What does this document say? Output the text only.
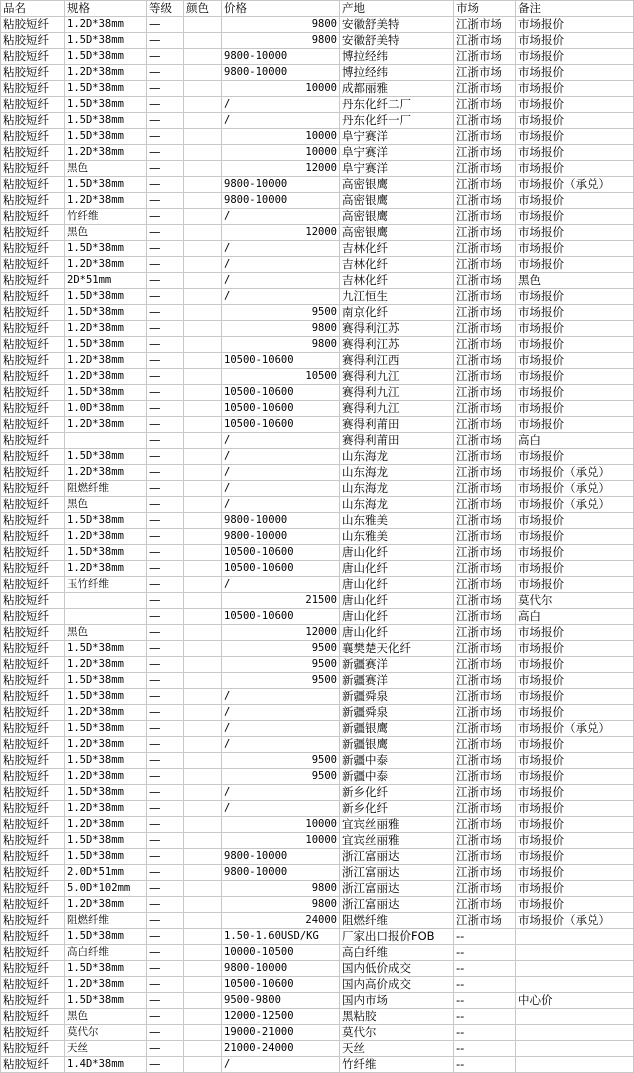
品名	规格	等级	颜色	价格	产地	市场	备注
粘胶短纤	1.2D*38mm	—		9800	安徽舒美特	江浙市场	市场报价
粘胶短纤	1.5D*38mm	—		9800	安徽舒美特	江浙市场	市场报价
粘胶短纤	1.5D*38mm	—		9800-10000	博拉经纬	江浙市场	市场报价
粘胶短纤	1.2D*38mm	—		9800-10000	博拉经纬	江浙市场	市场报价
粘胶短纤	1.5D*38mm	—		10000	成都丽雅	江浙市场	市场报价
粘胶短纤	1.5D*38mm	—		/	丹东化纤二厂	江浙市场	市场报价
粘胶短纤	1.5D*38mm	—		/	丹东化纤一厂	江浙市场	市场报价
粘胶短纤	1.5D*38mm	—		10000	阜宁赛洋	江浙市场	市场报价
粘胶短纤	1.2D*38mm	—		10000	阜宁赛洋	江浙市场	市场报价
粘胶短纤	黑色	—		12000	阜宁赛洋	江浙市场	市场报价
粘胶短纤	1.5D*38mm	—		9800-10000	高密银鹰	江浙市场	市场报价（承兑）
粘胶短纤	1.2D*38mm	—		9800-10000	高密银鹰	江浙市场	市场报价
粘胶短纤	竹纤维	—		/	高密银鹰	江浙市场	市场报价
粘胶短纤	黑色	—		12000	高密银鹰	江浙市场	市场报价
粘胶短纤	1.5D*38mm	—		/	吉林化纤	江浙市场	市场报价
粘胶短纤	1.2D*38mm	—		/	吉林化纤	江浙市场	市场报价
粘胶短纤	2D*51mm	—		/	吉林化纤	江浙市场	黑色
粘胶短纤	1.5D*38mm	—		/	九江恒生	江浙市场	市场报价
粘胶短纤	1.5D*38mm	—		9500	南京化纤	江浙市场	市场报价
粘胶短纤	1.2D*38mm	—		9800	赛得利江苏	江浙市场	市场报价
粘胶短纤	1.5D*38mm	—		9800	赛得利江苏	江浙市场	市场报价
粘胶短纤	1.2D*38mm	—		10500-10600	赛得利江西	江浙市场	市场报价
粘胶短纤	1.2D*38mm	—		10500	赛得利九江	江浙市场	市场报价
粘胶短纤	1.5D*38mm	—		10500-10600	赛得利九江	江浙市场	市场报价
粘胶短纤	1.0D*38mm	—		10500-10600	赛得利九江	江浙市场	市场报价
粘胶短纤	1.2D*38mm	—		10500-10600	赛得利莆田	江浙市场	市场报价
粘胶短纤		—		/	赛得利莆田	江浙市场	高白
粘胶短纤	1.5D*38mm	—		/	山东海龙	江浙市场	市场报价
粘胶短纤	1.2D*38mm	—		/	山东海龙	江浙市场	市场报价（承兑）
粘胶短纤	阻燃纤维	—		/	山东海龙	江浙市场	市场报价（承兑）
粘胶短纤	黑色	—		/	山东海龙	江浙市场	市场报价（承兑）
粘胶短纤	1.5D*38mm	—		9800-10000	山东雅美	江浙市场	市场报价
粘胶短纤	1.2D*38mm	—		9800-10000	山东雅美	江浙市场	市场报价
粘胶短纤	1.5D*38mm	—		10500-10600	唐山化纤	江浙市场	市场报价
粘胶短纤	1.2D*38mm	—		10500-10600	唐山化纤	江浙市场	市场报价
粘胶短纤	玉竹纤维	—		/	唐山化纤	江浙市场	市场报价
粘胶短纤		—		21500	唐山化纤	江浙市场	莫代尔
粘胶短纤		—		10500-10600	唐山化纤	江浙市场	高白
粘胶短纤	黑色	—		12000	唐山化纤	江浙市场	市场报价
粘胶短纤	1.5D*38mm	—		9500	襄樊楚天化纤	江浙市场	市场报价
粘胶短纤	1.2D*38mm	—		9500	新疆赛洋	江浙市场	市场报价
粘胶短纤	1.5D*38mm	—		9500	新疆赛洋	江浙市场	市场报价
粘胶短纤	1.5D*38mm	—		/	新疆舜泉	江浙市场	市场报价
粘胶短纤	1.2D*38mm	—		/	新疆舜泉	江浙市场	市场报价
粘胶短纤	1.5D*38mm	—		/	新疆银鹰	江浙市场	市场报价（承兑）
粘胶短纤	1.2D*38mm	—		/	新疆银鹰	江浙市场	市场报价
粘胶短纤	1.5D*38mm	—		9500	新疆中泰	江浙市场	市场报价
粘胶短纤	1.2D*38mm	—		9500	新疆中泰	江浙市场	市场报价
粘胶短纤	1.5D*38mm	—		/	新乡化纤	江浙市场	市场报价
粘胶短纤	1.2D*38mm	—		/	新乡化纤	江浙市场	市场报价
粘胶短纤	1.2D*38mm	—		10000	宜宾丝丽雅	江浙市场	市场报价
粘胶短纤	1.5D*38mm	—		10000	宜宾丝丽雅	江浙市场	市场报价
粘胶短纤	1.5D*38mm	—		9800-10000	浙江富丽达	江浙市场	市场报价
粘胶短纤	2.0D*51mm	—		9800-10000	浙江富丽达	江浙市场	市场报价
粘胶短纤	5.0D*102mm	—		9800	浙江富丽达	江浙市场	市场报价
粘胶短纤	1.2D*38mm	—		9800	浙江富丽达	江浙市场	市场报价
粘胶短纤	阻燃纤维	—		24000	阻燃纤维	江浙市场	市场报价（承兑）
粘胶短纤	1.5D*38mm	—		1.50-1.60USD/KG	厂家出口报价FOB	--	
粘胶短纤	高白纤维	—		10000-10500	高白纤维	--	
粘胶短纤	1.5D*38mm	—		9800-10000	国内低价成交	--	
粘胶短纤	1.2D*38mm	—		10500-10600	国内高价成交	--	
粘胶短纤	1.5D*38mm	—		9500-9800	国内市场	--	中心价
粘胶短纤	黑色	—		12000-12500	黑粘胶	--	
粘胶短纤	莫代尔	—		19000-21000	莫代尔	--	
粘胶短纤	天丝	—		21000-24000	天丝	--	
粘胶短纤	1.4D*38mm	—		/	竹纤维	--	
